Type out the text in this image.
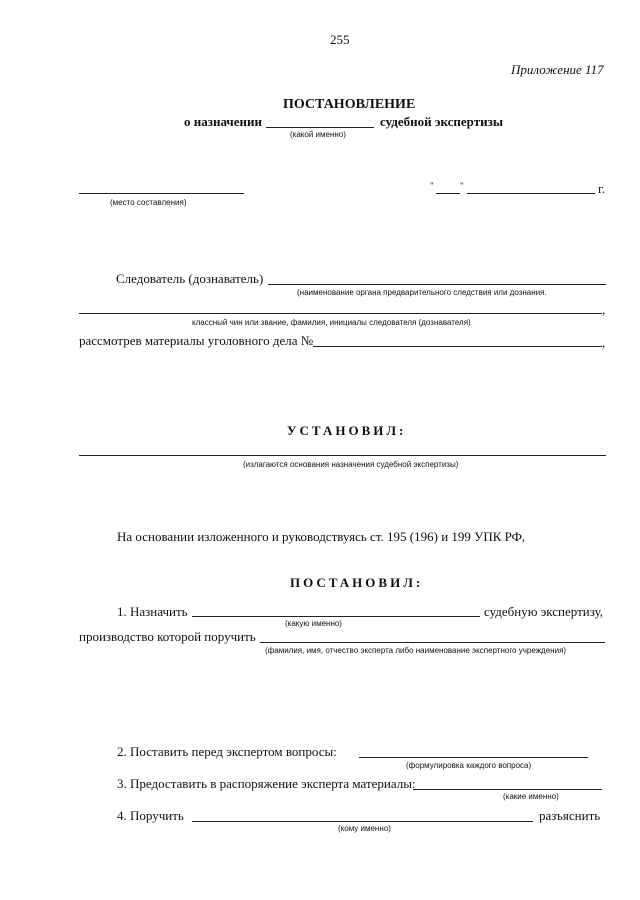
255
Приложение 117
ПОСТАНОВЛЕНИЕ
о назначении	судебной экспертизы
(какой именно)
(место составления)
"	"	г.
Следователь (дознаватель)
(наименование органа предварительного следствия или дознания.
,
классный чин или звание, фамилия, инициалы следователя (дознавателя)
рассмотрев материалы уголовного дела №	,
УСТАНОВИЛ:
(излагаются основания назначения судебной экспертизы)
На основании изложенного и руководствуясь ст. 195 (196) и 199 УПК РФ,
ПОСТАНОВИЛ:
1. Назначить	судебную экспертизу,
(какую именно)
производство которой поручить
(фамилия, имя, отчество эксперта либо наименование экспертного учреждения)
2. Поставить перед экспертом вопросы:
(формулировка каждого вопроса)
3. Предоставить в распоряжение эксперта материалы:
(какие именно)
4. Поручить	разъяснить
(кому именно)
